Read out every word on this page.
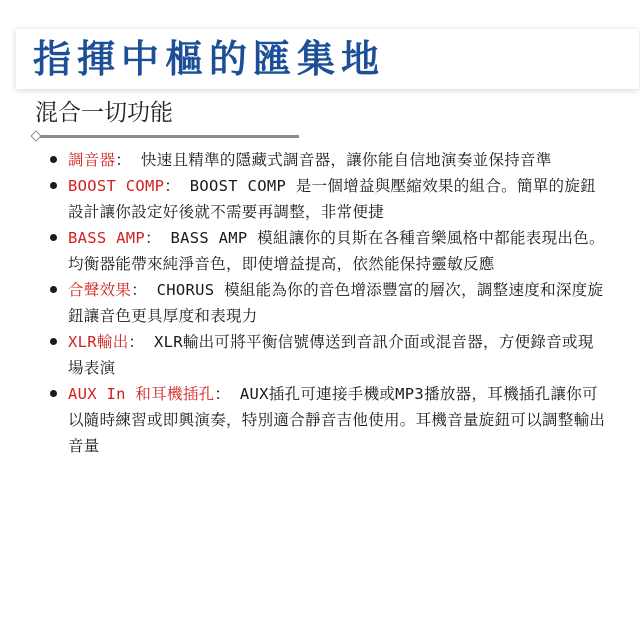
指揮中樞的匯集地
混合一切功能
調音器： 快速且精準的隱藏式調音器，讓你能自信地演奏並保持音準
BOOST COMP： BOOST COMP 是一個增益與壓縮效果的組合。簡單的旋鈕設計讓你設定好後就不需要再調整，非常便捷
BASS AMP： BASS AMP 模組讓你的貝斯在各種音樂風格中都能表現出色。均衡器能帶來純淨音色，即使增益提高，依然能保持靈敏反應
合聲效果： CHORUS 模組能為你的音色增添豐富的層次，調整速度和深度旋鈕讓音色更具厚度和表現力
XLR輸出： XLR輸出可將平衡信號傳送到音訊介面或混音器，方便錄音或現場表演
AUX In 和耳機插孔： AUX插孔可連接手機或MP3播放器，耳機插孔讓你可以隨時練習或即興演奏，特別適合靜音吉他使用。耳機音量旋鈕可以調整輸出音量
